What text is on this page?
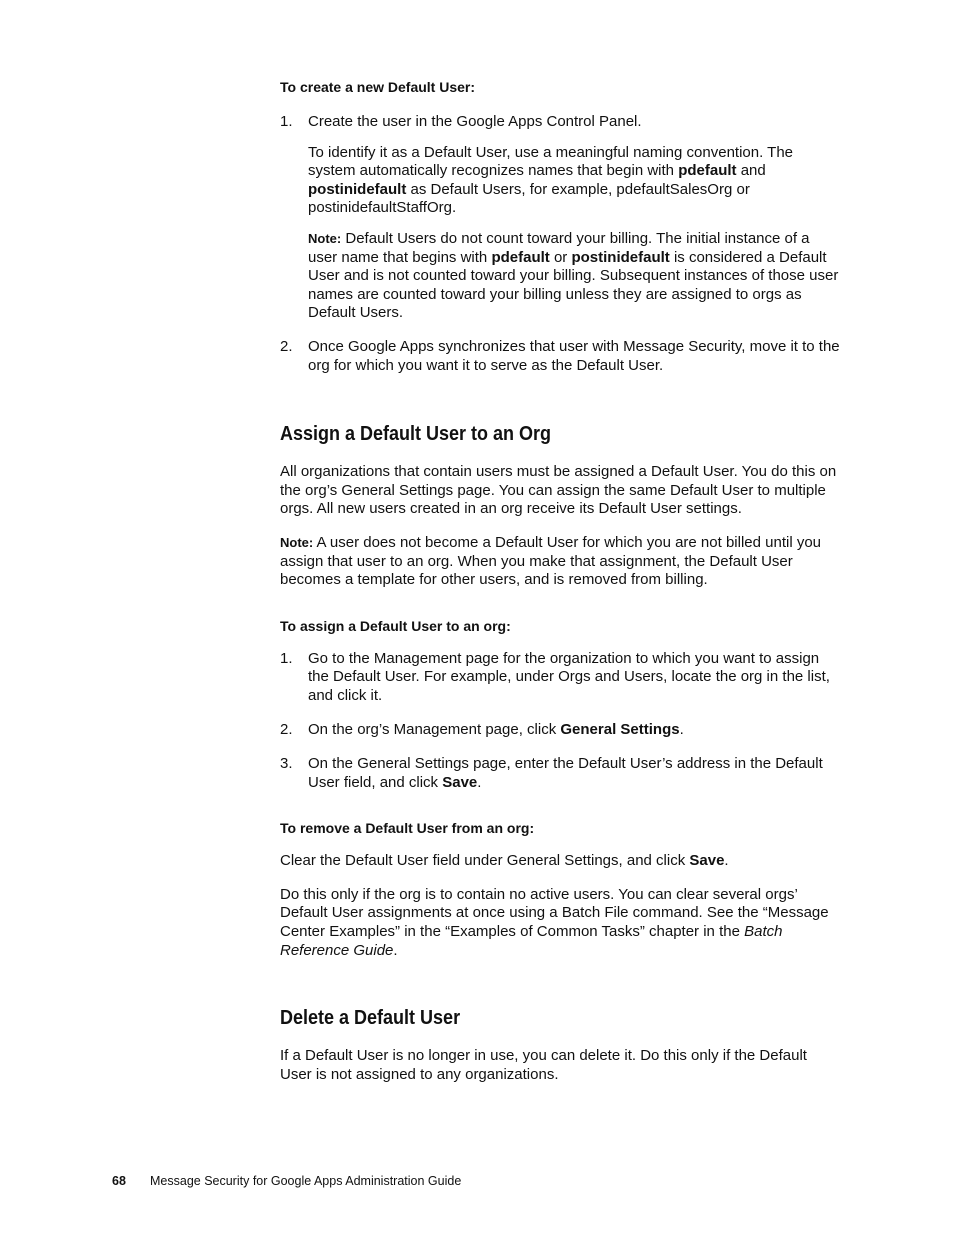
To create a new Default User:

1. Create the user in the Google Apps Control Panel.

To identify it as a Default User, use a meaningful naming convention. The system automatically recognizes names that begin with pdefault and postinidefault as Default Users, for example, pdefaultSalesOrg or postinidefaultStaffOrg.

Note: Default Users do not count toward your billing. The initial instance of a user name that begins with pdefault or postinidefault is considered a Default User and is not counted toward your billing. Subsequent instances of those user names are counted toward your billing unless they are assigned to orgs as Default Users.

2. Once Google Apps synchronizes that user with Message Security, move it to the org for which you want it to serve as the Default User.
Assign a Default User to an Org

All organizations that contain users must be assigned a Default User. You do this on the org’s General Settings page. You can assign the same Default User to multiple orgs. All new users created in an org receive its Default User settings.

Note: A user does not become a Default User for which you are not billed until you assign that user to an org. When you make that assignment, the Default User becomes a template for other users, and is removed from billing.

To assign a Default User to an org:

1. Go to the Management page for the organization to which you want to assign the Default User. For example, under Orgs and Users, locate the org in the list, and click it.
2. On the org’s Management page, click General Settings.
3. On the General Settings page, enter the Default User’s address in the Default User field, and click Save.

To remove a Default User from an org:

Clear the Default User field under General Settings, and click Save.

Do this only if the org is to contain no active users. You can clear several orgs’ Default User assignments at once using a Batch File command. See the “Message Center Examples” in the “Examples of Common Tasks” chapter in the Batch Reference Guide.

Delete a Default User

If a Default User is no longer in use, you can delete it. Do this only if the Default User is not assigned to any organizations.

68 Message Security for Google Apps Administration Guide
